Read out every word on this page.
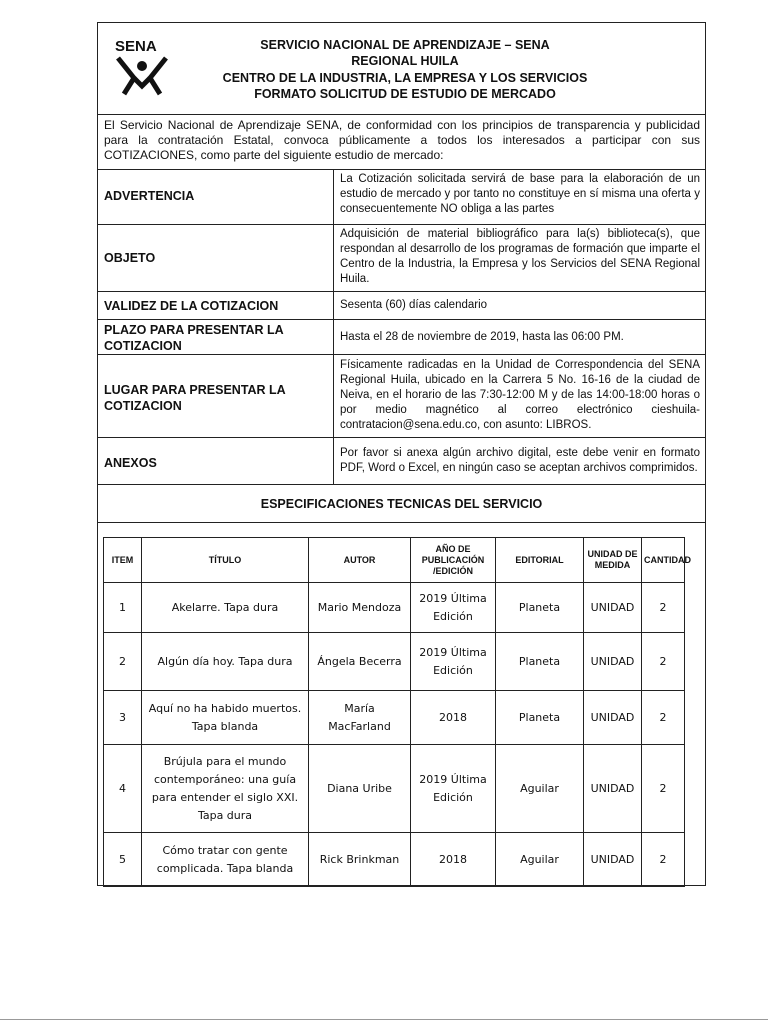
SENA	SERVICIO NACIONAL DE APRENDIZAJE – SENA
REGIONAL HUILA
CENTRO DE LA INDUSTRIA, LA EMPRESA Y LOS SERVICIOS
FORMATO SOLICITUD DE ESTUDIO DE MERCADO
El Servicio Nacional de Aprendizaje SENA, de conformidad con los principios de transparencia y publicidad para la contratación Estatal, convoca públicamente a todos los interesados a participar con sus COTIZACIONES, como parte del siguiente estudio de mercado:
ADVERTENCIA
La Cotización solicitada servirá de base para la elaboración de un estudio de mercado y por tanto no constituye en sí misma una oferta y consecuentemente NO obliga a las partes
OBJETO
Adquisición de material bibliográfico para la(s) biblioteca(s), que respondan al desarrollo de los programas de formación que imparte el Centro de la Industria, la Empresa y los Servicios del SENA Regional Huila.
VALIDEZ DE LA COTIZACION	Sesenta (60) días calendario
PLAZO PARA PRESENTAR LA COTIZACION
Hasta el 28 de noviembre de 2019, hasta las 06:00 PM.
LUGAR PARA PRESENTAR LA COTIZACION
Físicamente radicadas en la Unidad de Correspondencia del SENA Regional Huila, ubicado en la Carrera 5 No. 16-16 de la ciudad de Neiva, en el horario de las 7:30-12:00 M y de las 14:00-18:00 horas o por medio magnético al correo electrónico cieshuila-contratacion@sena.edu.co, con asunto: LIBROS.
ANEXOS
Por favor si anexa algún archivo digital, este debe venir en formato PDF, Word o Excel, en ningún caso se aceptan archivos comprimidos.
ESPECIFICACIONES TECNICAS DEL SERVICIO
ITEM	TÍTULO	AUTOR	AÑO DE PUBLICACIÓN /EDICIÓN	EDITORIAL	UNIDAD DE MEDIDA	CANTIDAD
1	Akelarre. Tapa dura	Mario Mendoza	2019 Última Edición	Planeta	UNIDAD	2
2	Algún día hoy. Tapa dura	Ángela Becerra	2019 Última Edición	Planeta	UNIDAD	2
3	Aquí no ha habido muertos. Tapa blanda	María MacFarland	2018	Planeta	UNIDAD	2
4	Brújula para el mundo contemporáneo: una guía para entender el siglo XXI. Tapa dura	Diana Uribe	2019 Última Edición	Aguilar	UNIDAD	2
5	Cómo tratar con gente complicada. Tapa blanda	Rick Brinkman	2018	Aguilar	UNIDAD	2
